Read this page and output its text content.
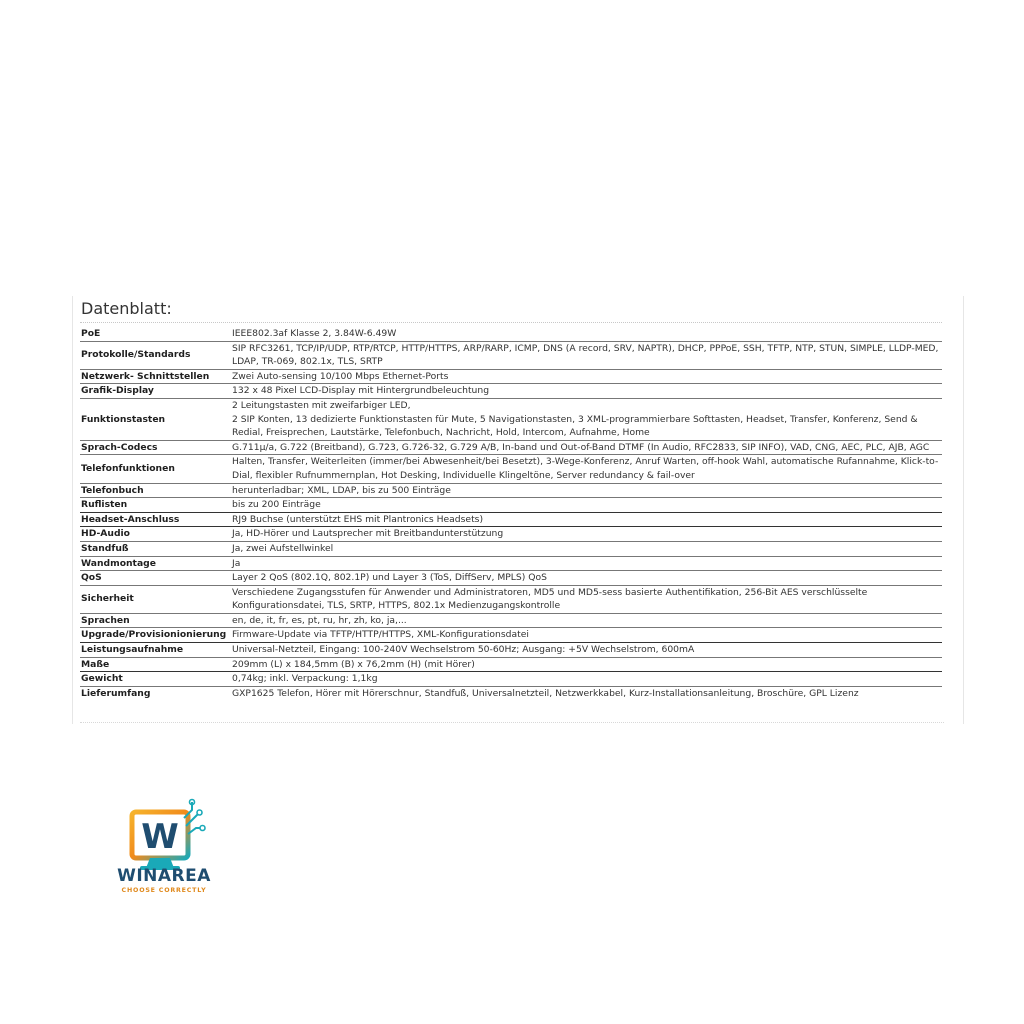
Datenblatt:
PoE	IEEE802.3af Klasse 2, 3.84W-6.49W
Protokolle/Standards	SIP RFC3261, TCP/IP/UDP, RTP/RTCP, HTTP/HTTPS, ARP/RARP, ICMP, DNS (A record, SRV, NAPTR), DHCP, PPPoE, SSH, TFTP, NTP, STUN, SIMPLE, LLDP-MED, LDAP, TR-069, 802.1x, TLS, SRTP
Netzwerk- Schnittstellen	Zwei Auto-sensing 10/100 Mbps Ethernet-Ports
Grafik-Display	132 x 48 Pixel LCD-Display mit Hintergrundbeleuchtung
Funktionstasten	2 Leitungstasten mit zweifarbiger LED,
2 SIP Konten, 13 dedizierte Funktionstasten für Mute, 5 Navigationstasten, 3 XML-programmierbare Softtasten, Headset, Transfer, Konferenz, Send & Redial, Freisprechen, Lautstärke, Telefonbuch, Nachricht, Hold, Intercom, Aufnahme, Home
Sprach-Codecs	G.711µ/a, G.722 (Breitband), G.723, G.726-32, G.729 A/B, In-band und Out-of-Band DTMF (In Audio, RFC2833, SIP INFO), VAD, CNG, AEC, PLC, AJB, AGC
Telefonfunktionen	Halten, Transfer, Weiterleiten (immer/bei Abwesenheit/bei Besetzt), 3-Wege-Konferenz, Anruf Warten, off-hook Wahl, automatische Rufannahme, Klick-to-Dial, flexibler Rufnummernplan, Hot Desking, Individuelle Klingeltöne, Server redundancy & fail-over
Telefonbuch	herunterladbar; XML, LDAP, bis zu 500 Einträge
Ruflisten	bis zu 200 Einträge
Headset-Anschluss	RJ9 Buchse (unterstützt EHS mit Plantronics Headsets)
HD-Audio	Ja, HD-Hörer und Lautsprecher mit Breitbandunterstützung
Standfuß	Ja, zwei Aufstellwinkel
Wandmontage	Ja
QoS	Layer 2 QoS (802.1Q, 802.1P) und Layer 3 (ToS, DiffServ, MPLS) QoS
Sicherheit	Verschiedene Zugangsstufen für Anwender und Administratoren, MD5 und MD5-sess basierte Authentifikation, 256-Bit AES verschlüsselte Konfigurationsdatei, TLS, SRTP, HTTPS, 802.1x Medienzugangskontrolle
Sprachen	en, de, it, fr, es, pt, ru, hr, zh, ko, ja,...
Upgrade/Provisionionierung	Firmware-Update via TFTP/HTTP/HTTPS, XML-Konfigurationsdatei
Leistungsaufnahme	Universal-Netzteil, Eingang: 100-240V Wechselstrom 50-60Hz; Ausgang: +5V Wechselstrom, 600mA
Maße	209mm (L) x 184,5mm (B) x 76,2mm (H) (mit Hörer)
Gewicht	0,74kg; inkl. Verpackung: 1,1kg
Lieferumfang	GXP1625 Telefon, Hörer mit Hörerschnur, Standfuß, Universalnetzteil, Netzwerkkabel, Kurz-Installationsanleitung, Broschüre, GPL Lizenz
W
WINAREA
CHOOSE CORRECTLY
